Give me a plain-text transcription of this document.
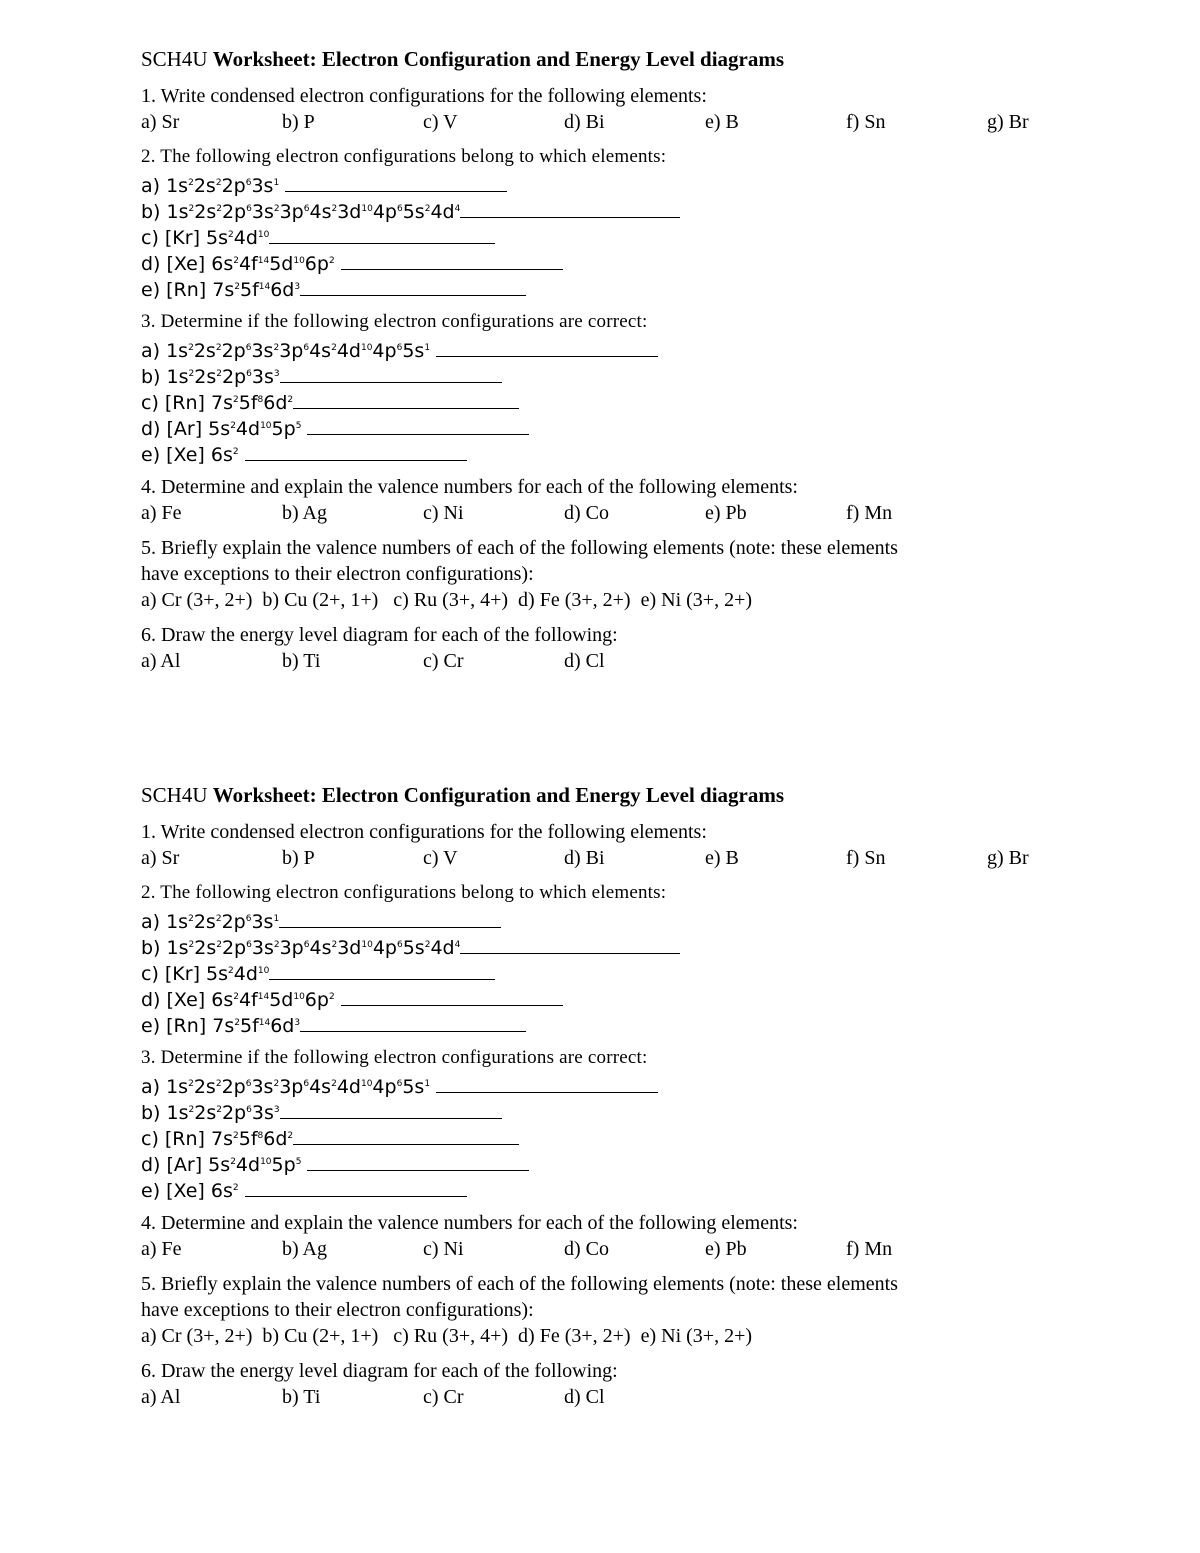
SCH4U Worksheet: Electron Configuration and Energy Level diagrams
1. Write condensed electron configurations for the following elements:
a) Sr	b) P	c) V	d) Bi	e) B	f) Sn	g) Br
2. The following electron configurations belong to which elements:
a) $1s^22s^22p^63s^1$
b) $1s^22s^22p^63s^23p^64s^23d^{10}4p^65s^24d^4$
c) [Kr] $5s^24d^{10}$
d) [Xe] $6s^24f^{14}5d^{10}6p^2$
e) [Rn] $7s^25f^{14}6d^3$
3. Determine if the following electron configurations are correct:
a) $1s^22s^22p^63s^23p^64s^24d^{10}4p^65s^1$
b) $1s^22s^22p^63s^3$
c) [Rn] $7s^25f^86d^2$
d) [Ar] $5s^24d^{10}5p^5$
e) [Xe] $6s^2$
4. Determine and explain the valence numbers for each of the following elements:
a) Fe	b) Ag	c) Ni	d) Co	e) Pb	f) Mn
5. Briefly explain the valence numbers of each of the following elements (note: these elements
have exceptions to their electron configurations):
a) Cr (3+, 2+)  b) Cu (2+, 1+)   c) Ru (3+, 4+)  d) Fe (3+, 2+)  e) Ni (3+, 2+)
6. Draw the energy level diagram for each of the following:
a) Al	b) Ti	c) Cr	d) Cl
SCH4U Worksheet: Electron Configuration and Energy Level diagrams
1. Write condensed electron configurations for the following elements:
a) Sr	b) P	c) V	d) Bi	e) B	f) Sn	g) Br
2. The following electron configurations belong to which elements:
a) $1s^22s^22p^63s^1$
b) $1s^22s^22p^63s^23p^64s^23d^{10}4p^65s^24d^4$
c) [Kr] $5s^24d^{10}$
d) [Xe] $6s^24f^{14}5d^{10}6p^2$
e) [Rn] $7s^25f^{14}6d^3$
3. Determine if the following electron configurations are correct:
a) $1s^22s^22p^63s^23p^64s^24d^{10}4p^65s^1$
b) $1s^22s^22p^63s^3$
c) [Rn] $7s^25f^86d^2$
d) [Ar] $5s^24d^{10}5p^5$
e) [Xe] $6s^2$
4. Determine and explain the valence numbers for each of the following elements:
a) Fe	b) Ag	c) Ni	d) Co	e) Pb	f) Mn
5. Briefly explain the valence numbers of each of the following elements (note: these elements
have exceptions to their electron configurations):
a) Cr (3+, 2+)  b) Cu (2+, 1+)   c) Ru (3+, 4+)  d) Fe (3+, 2+)  e) Ni (3+, 2+)
6. Draw the energy level diagram for each of the following:
a) Al	b) Ti	c) Cr	d) Cl
